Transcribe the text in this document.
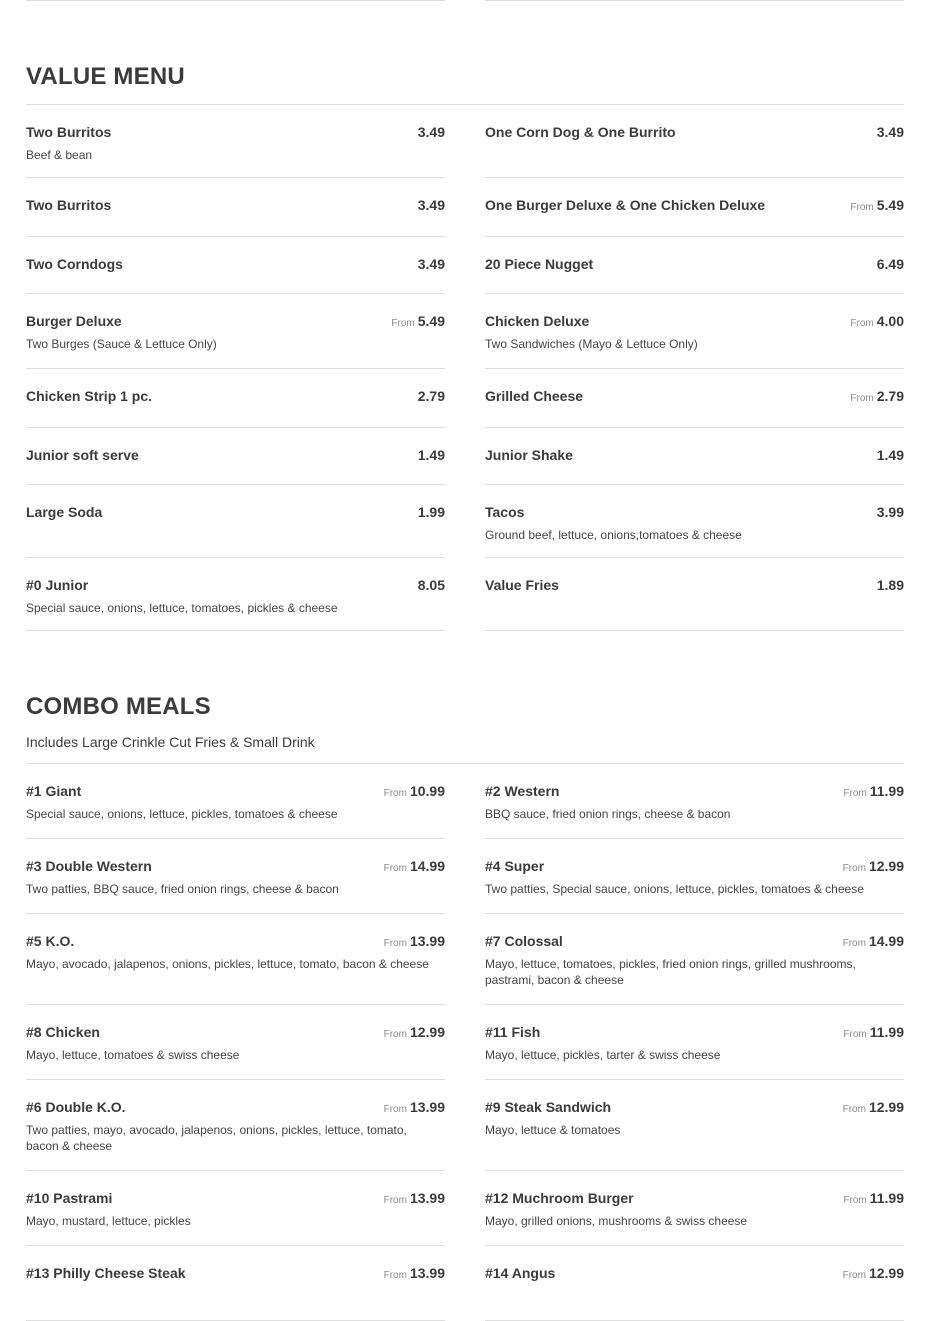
VALUE MENU
Two Burritos	3.49
Beef & bean
One Corn Dog & One Burrito	3.49
Two Burritos	3.49	One Burger Deluxe & One Chicken Deluxe	From 5.49
Two Corndogs	3.49	20 Piece Nugget	6.49
Burger Deluxe	From 5.49
Two Burges (Sauce & Lettuce Only)
Chicken Deluxe	From 4.00
Two Sandwiches (Mayo & Lettuce Only)
Chicken Strip 1 pc.	2.79	Grilled Cheese	From 2.79
Junior soft serve	1.49	Junior Shake	1.49
Large Soda	1.99	Tacos	3.99
Ground beef, lettuce, onions,tomatoes & cheese
#0 Junior	8.05
Special sauce, onions, lettuce, tomatoes, pickles & cheese
Value Fries	1.89
COMBO MEALS
Includes Large Crinkle Cut Fries & Small Drink
#1 Giant	From 10.99
Special sauce, onions, lettuce, pickles, tomatoes & cheese
#2 Western	From 11.99
BBQ sauce, fried onion rings, cheese & bacon
#3 Double Western	From 14.99
Two patties, BBQ sauce, fried onion rings, cheese & bacon
#4 Super	From 12.99
Two patties, Special sauce, onions, lettuce, pickles, tomatoes & cheese
#5 K.O.	From 13.99
Mayo, avocado, jalapenos, onions, pickles, lettuce, tomato, bacon & cheese
#7 Colossal	From 14.99
Mayo, lettuce, tomatoes, pickles, fried onion rings, grilled mushrooms, pastrami, bacon & cheese
#8 Chicken	From 12.99
Mayo, lettuce, tomatoes & swiss cheese
#11 Fish	From 11.99
Mayo, lettuce, pickles, tarter & swiss cheese
#6 Double K.O.	From 13.99
Two patties, mayo, avocado, jalapenos, onions, pickles, lettuce, tomato, bacon & cheese
#9 Steak Sandwich	From 12.99
Mayo, lettuce & tomatoes
#10 Pastrami	From 13.99
Mayo, mustard, lettuce, pickles
#12 Muchroom Burger	From 11.99
Mayo, grilled onions, mushrooms & swiss cheese
#13 Philly Cheese Steak	From 13.99	#14 Angus	From 12.99
